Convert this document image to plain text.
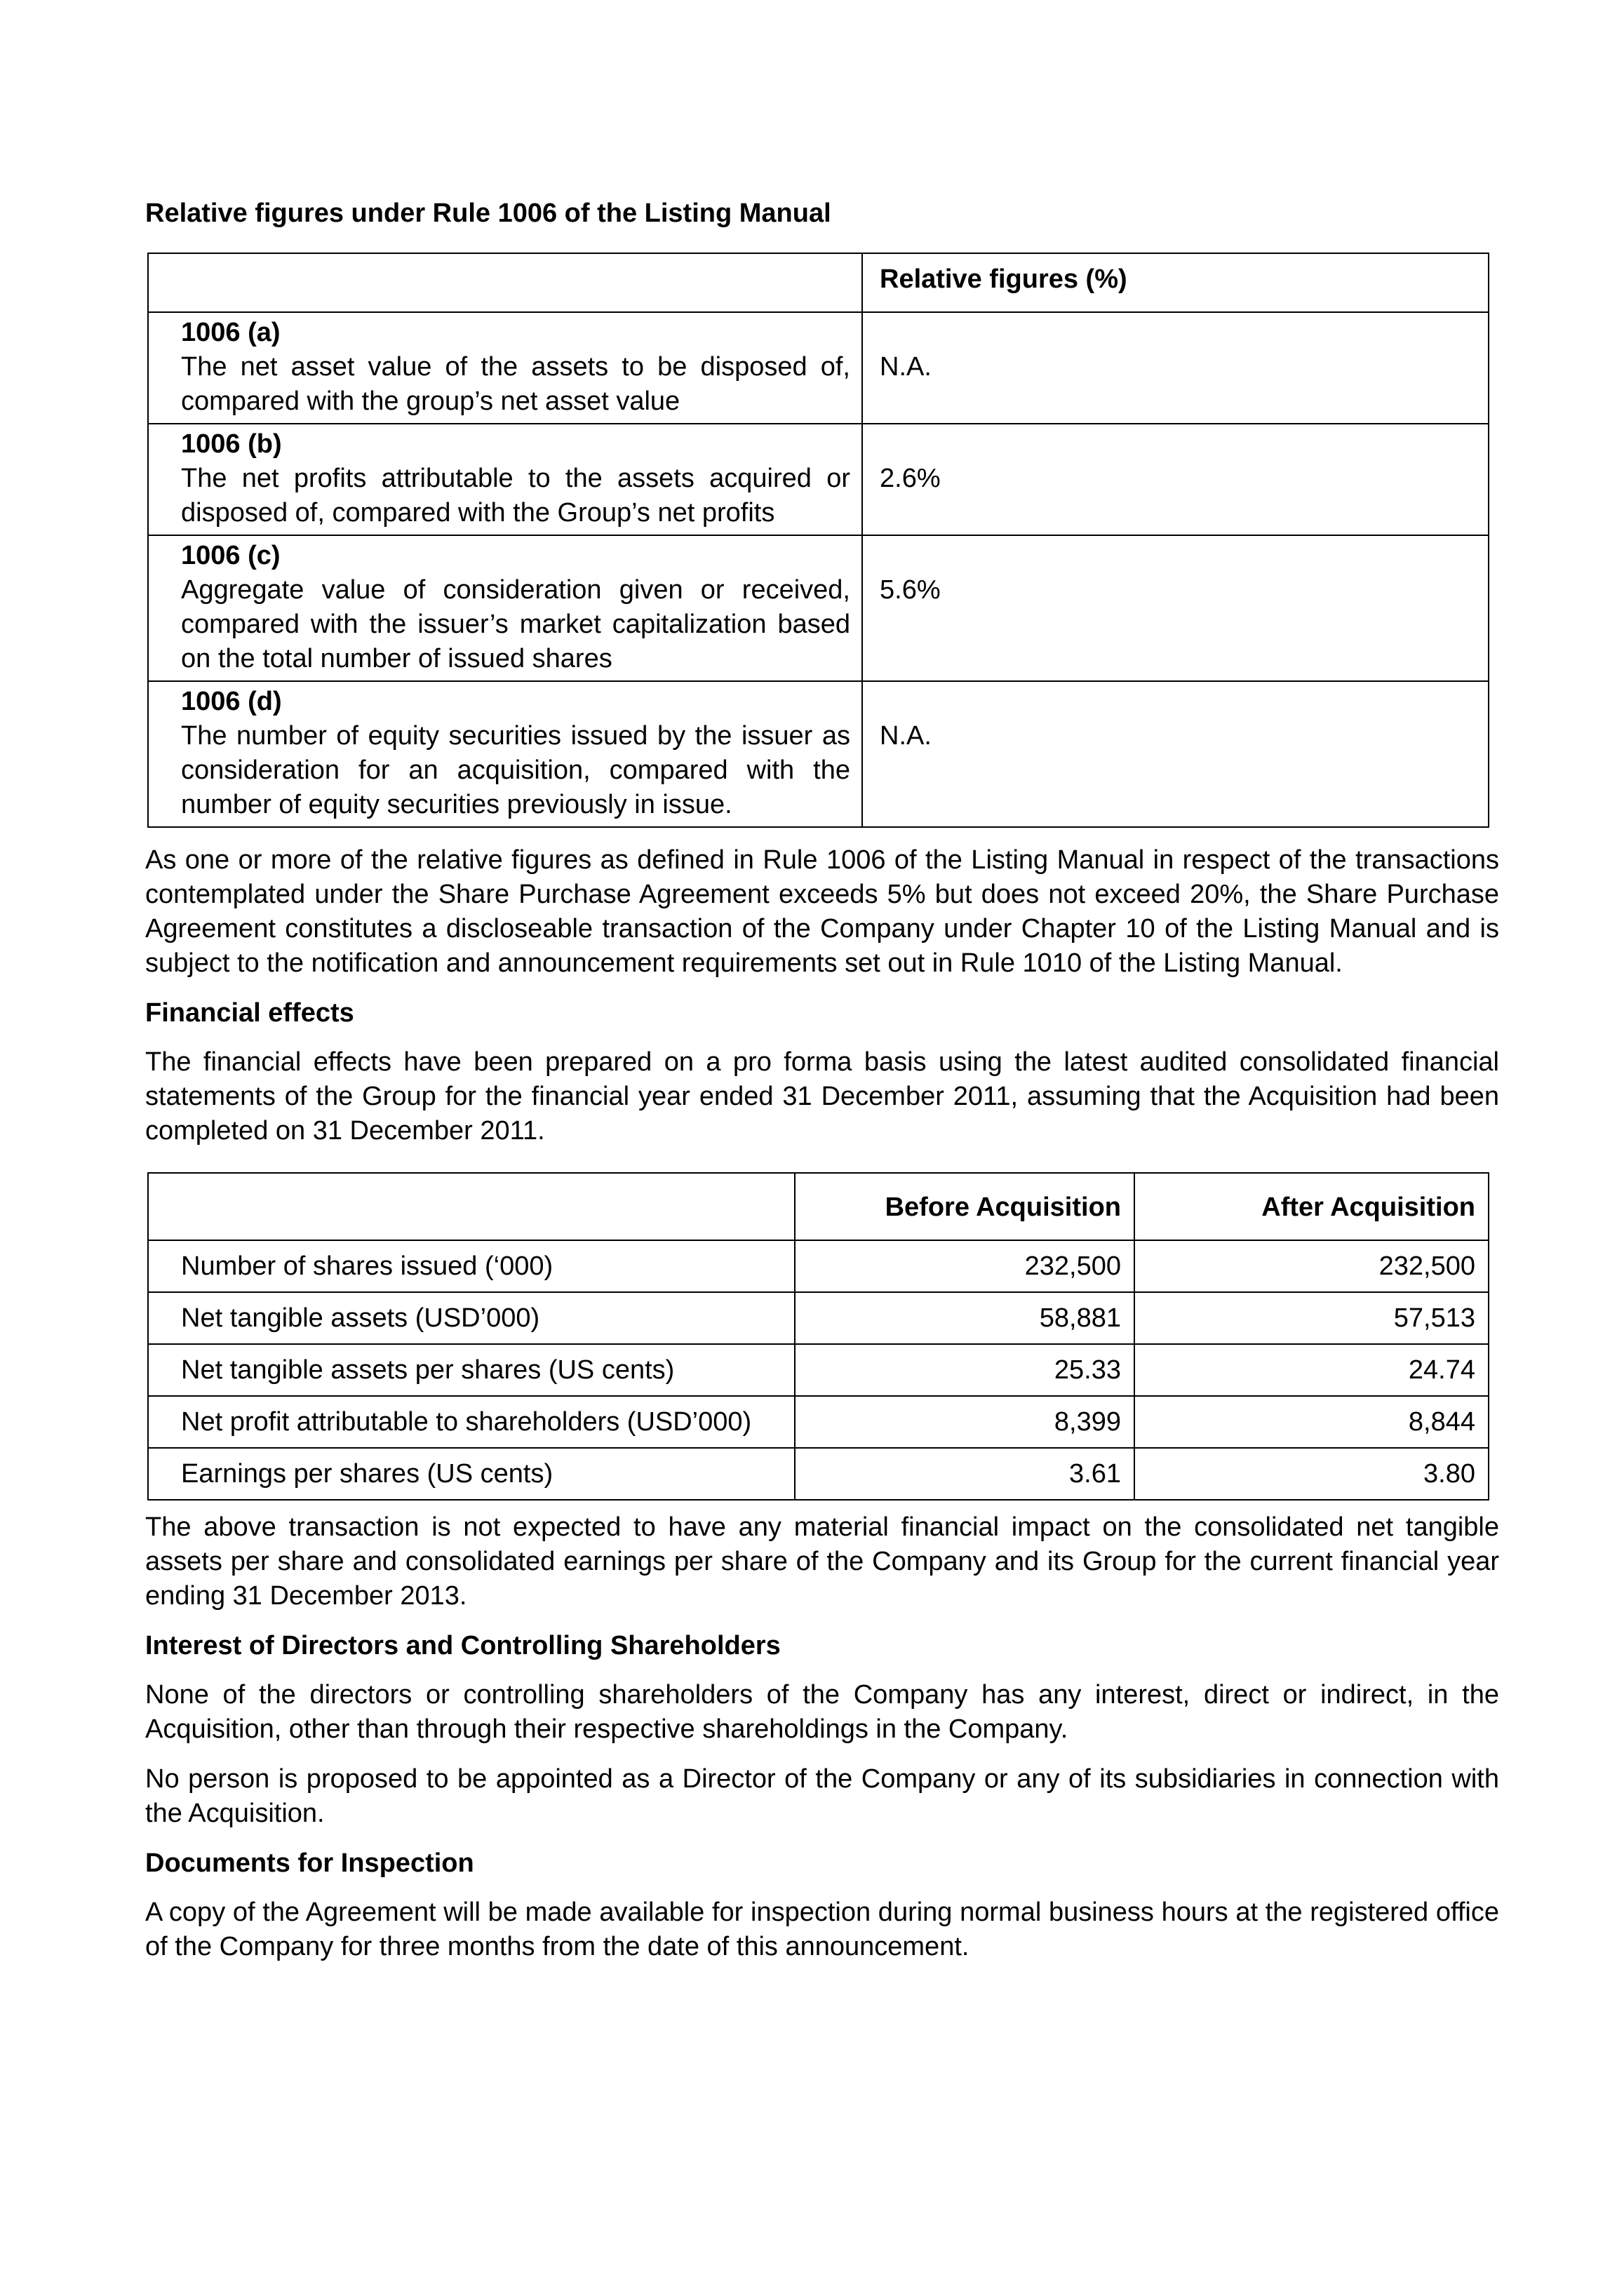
Relative figures under Rule 1006 of the Listing Manual
	Relative figures (%)

1006 (a)
The net asset value of the assets to be disposed of, compared with the group’s net asset value	N.A.

1006 (b)
The net profits attributable to the assets acquired or disposed of, compared with the Group’s net profits	2.6%

1006 (c)
Aggregate value of consideration given or received, compared with the issuer’s market capitalization based on the total number of issued shares	5.6%

1006 (d)
The number of equity securities issued by the issuer as consideration for an acquisition, compared with the number of equity securities previously in issue.	N.A.

As one or more of the relative figures as defined in Rule 1006 of the Listing Manual in respect of the transactions contemplated under the Share Purchase Agreement exceeds 5% but does not exceed 20%, the Share Purchase Agreement constitutes a discloseable transaction of the Company under Chapter 10 of the Listing Manual and is subject to the notification and announcement requirements set out in Rule 1010 of the Listing Manual.

Financial effects

The financial effects have been prepared on a pro forma basis using the latest audited consolidated financial statements of the Group for the financial year ended 31 December 2011, assuming that the Acquisition had been completed on 31 December 2011.

	Before Acquisition	After Acquisition
Number of shares issued (‘000)	232,500	232,500
Net tangible assets (USD’000)	58,881	57,513
Net tangible assets per shares (US cents)	25.33	24.74
Net profit attributable to shareholders (USD’000)	8,399	8,844
Earnings per shares (US cents)	3.61	3.80

The above transaction is not expected to have any material financial impact on the consolidated net tangible assets per share and consolidated earnings per share of the Company and its Group for the current financial year ending 31 December 2013.

Interest of Directors and Controlling Shareholders

None of the directors or controlling shareholders of the Company has any interest, direct or indirect, in the Acquisition, other than through their respective shareholdings in the Company.

No person is proposed to be appointed as a Director of the Company or any of its subsidiaries in connection with the Acquisition.

Documents for Inspection

A copy of the Agreement will be made available for inspection during normal business hours at the registered office of the Company for three months from the date of this announcement.
